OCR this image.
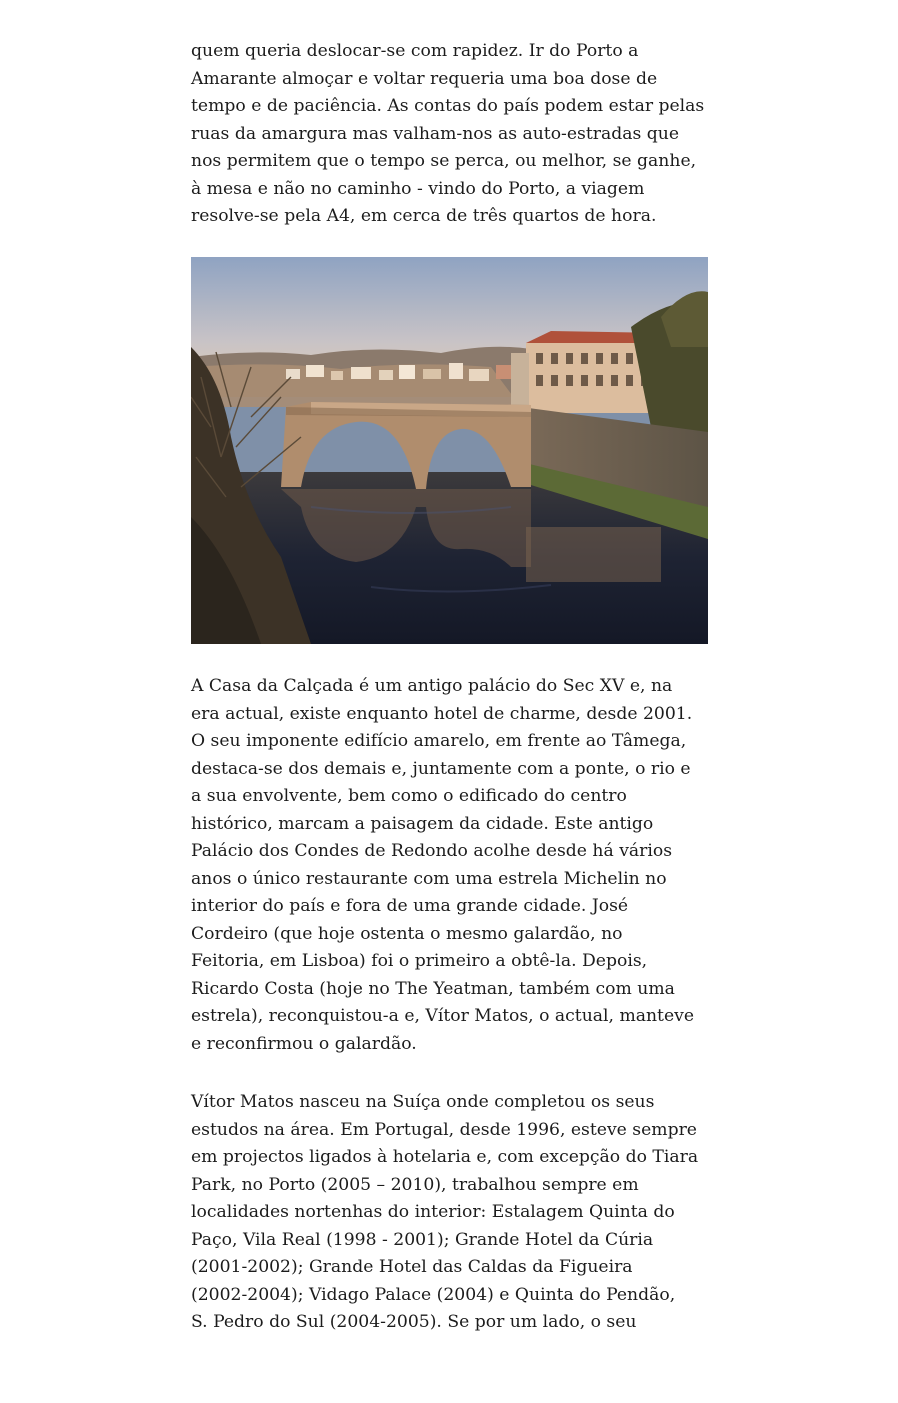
quem queria deslocar-se com rapidez. Ir do Porto a
Amarante almoçar e voltar requeria uma boa dose de
tempo e de paciência. As contas do país podem estar pelas
ruas da amargura mas valham-nos as auto-estradas que
nos permitem que o tempo se perca, ou melhor, se ganhe,
à mesa e não no caminho - vindo do Porto, a viagem
resolve-se pela A4, em cerca de três quartos de hora.
A Casa da Calçada é um antigo palácio do Sec XV e, na
era actual, existe enquanto hotel de charme, desde 2001.
O seu imponente edifício amarelo, em frente ao Tâmega,
destaca-se dos demais e, juntamente com a ponte, o rio e
a sua envolvente, bem como o edificado do centro
histórico, marcam a paisagem da cidade. Este antigo
Palácio dos Condes de Redondo acolhe desde há vários
anos o único restaurante com uma estrela Michelin no
interior do país e fora de uma grande cidade. José
Cordeiro (que hoje ostenta o mesmo galardão, no
Feitoria, em Lisboa) foi o primeiro a obtê-la. Depois,
Ricardo Costa (hoje no The Yeatman, também com uma
estrela), reconquistou-a e, Vítor Matos, o actual, manteve
e reconfirmou o galardão.
Vítor Matos nasceu na Suíça onde completou os seus
estudos na área. Em Portugal, desde 1996, esteve sempre
em projectos ligados à hotelaria e, com excepção do Tiara
Park, no Porto (2005 – 2010), trabalhou sempre em
localidades nortenhas do interior: Estalagem Quinta do
Paço, Vila Real (1998 - 2001); Grande Hotel da Cúria
(2001-2002); Grande Hotel das Caldas da Figueira
(2002-2004); Vidago Palace (2004) e Quinta do Pendão,
S. Pedro do Sul (2004-2005). Se por um lado, o seu
